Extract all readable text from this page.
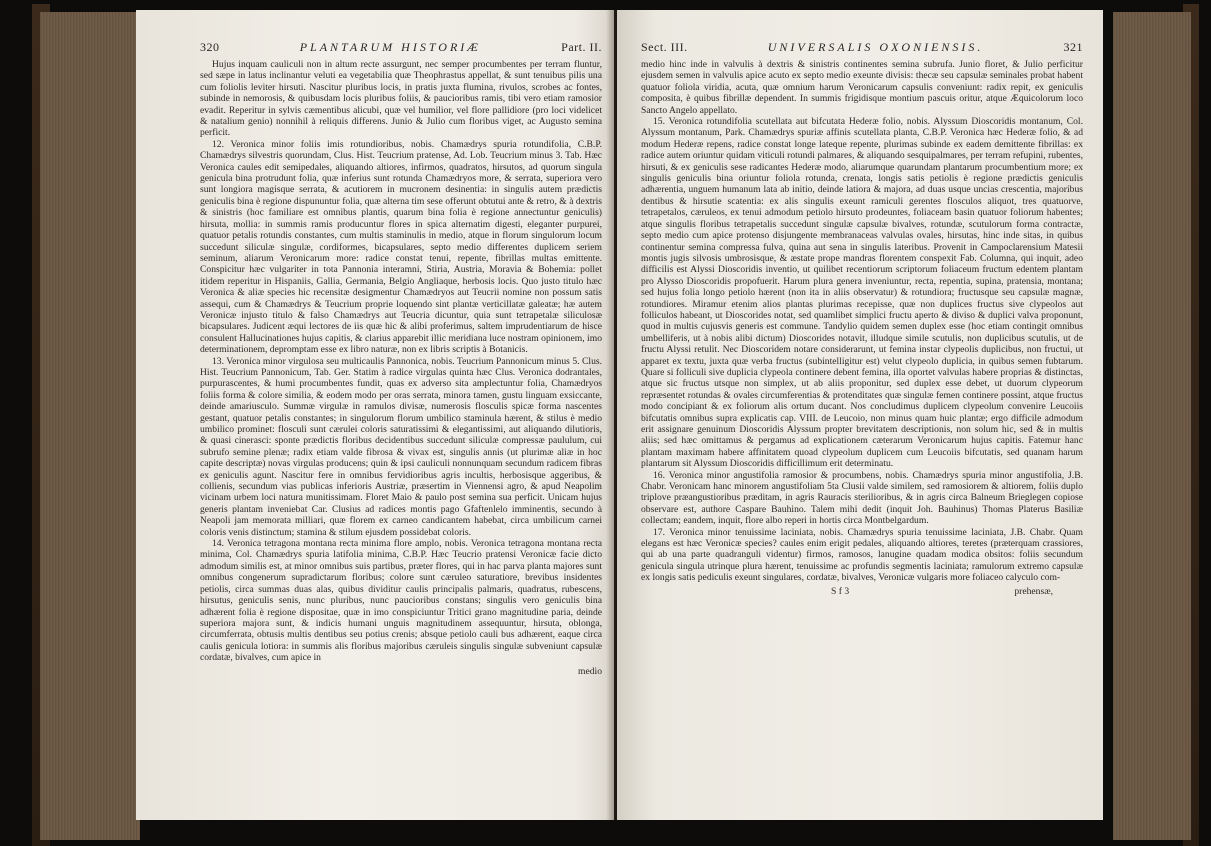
320	PLANTARUM HISTORIÆ	Part. II.

Hujus inquam cauliculi non in altum recte assurgunt, nec semper procumbentes per terram fluntur, sed sæpe in latus inclinantur veluti ea vegetabilia quæ Theophrastus appellat, & sunt tenuibus pilis una cum foliolis leviter hirsuti. Nascitur pluribus locis, in pratis juxta flumina, rivulos, scrobes ac fontes, subinde in nemorosis, & quibusdam locis pluribus foliis, & paucioribus ramis, tibi vero etiam ramosior evadit. Reperitur in sylvis cæmentibus alicubi, quæ vel humilior, vel flore pallidiore (pro loci videlicet & natalium genio) nonnihil à reliquis differens. Junio & Julio cum floribus viget, ac Augusto semina perficit.

12. Veronica minor foliis imis rotundioribus, nobis. Chamædrys spuria rotundifolia, C.B.P. Chamædrys silvestris quorundam, Clus. Hist. Teucrium pratense, Ad. Lob. Teucrium minus 3. Tab. Hæc Veronica caules edit semipedales, aliquando altiores, infirmos, quadratos, hirsutos, ad quorum singula genicula bina protrudunt folia, quæ inferius sunt rotunda Chamædryos more, & serrata, superiora vero sunt longiora magisque serrata, & acutiorem in mucronem desinentia: in singulis autem prædictis geniculis bina è regione dispununtur folia, quæ alterna tim sese offerunt obtutui ante & retro, & à dextris & sinistris (hoc familiare est omnibus plantis, quarum bina folia è regione annectuntur geniculis) hirsuta, mollia: in summis ramis producuntur flores in spica alternatim digesti, eleganter purpurei, quatuor petalis rotundis constantes, cum multis staminulis in medio, atque in florum singulorum locum succedunt siliculæ singulæ, cordiformes, bicapsulares, septo medio differentes duplicem seriem seminum, aliarum Veronicarum more: radice constat tenui, repente, fibrillas multas emittente. Conspicitur hæc vulgariter in tota Pannonia interamni, Stiria, Austria, Moravia & Bohemia: pollet itidem reperitur in Hispaniis, Gallia, Germania, Belgio Angliaque, herbosis locis. Quo justo titulo hæc Veronica & aliæ species hic recensitæ desigmentur Chamædryos aut Teucrii nomine non possum satis assequi, cum & Chamædrys & Teucrium proprie loquendo sint plantæ verticillatæ galeatæ; hæ autem Veronicæ injusto titulo & falso Chamædrys aut Teucria dicuntur, quia sunt tetrapetalæ siliculosæ bicapsulares. Judicent æqui lectores de iis quæ hic & alibi proferimus, saltem imprudentiarum de hisce consulent Hallucinationes hujus capitis, & clarius apparebit illic meridiana luce nostram opinionem, imo determinationem, depromptam esse ex libro naturæ, non ex libris scriptis à Botanicis.

13. Veronica minor virgulosa seu multicaulis Pannonica, nobis. Teucrium Pannonicum minus 5. Clus. Hist. Teucrium Pannonicum, Tab. Ger. Statim à radice virgulas quinta hæc Clus. Veronica dodrantales, purpurascentes, & humi procumbentes fundit, quas ex adverso sita amplectuntur folia, Chamædryos foliis forma & colore similia, & eodem modo per oras serrata, minora tamen, gustu linguam exsiccante, deinde amariusculo. Summæ virgulæ in ramulos divisæ, numerosis flosculis spicæ forma nascentes gestant, quatuor petalis constantes; in singulorum florum umbilico staminula hærent, & stilus è medio umbilico prominet: flosculi sunt cærulei coloris saturatissimi & elegantissimi, aut aliquando dilutioris, & quasi cinerasci: sponte prædictis floribus decidentibus succedunt siliculæ compressæ paululum, cui subrufo semine plenæ; radix etiam valde fibrosa & vivax est, singulis annis (ut plurimæ aliæ in hoc capite descriptæ) novas virgulas producens; quin & ipsi cauliculi nonnunquam secundum radicem fibras ex geniculis agunt. Nascitur fere in omnibus fervidioribus agris incultis, herbosisque aggeribus, & collienis, secundum vias publicas inferioris Austriæ, præsertim in Viennensi agro, & apud Neapolim vicinam urbem loci natura munitissimam. Floret Maio & paulo post semina sua perficit. Unicam hujus generis plantam inveniebat Car. Clusius ad radices montis pago Gfaftenlelo imminentis, secundo à Neapoli jam memorata milliari, quæ florem ex carneo candicantem habebat, circa umbilicum carnei coloris venis distinctum; stamina & stilum ejusdem possidebat coloris.

14. Veronica tetragona montana recta minima flore amplo, nobis. Veronica tetragona montana recta minima, Col. Chamædrys spuria latifolia minima, C.B.P. Hæc Teucrio pratensi Veronicæ facie dicto admodum similis est, at minor omnibus suis partibus, præter flores, qui in hac parva planta majores sunt omnibus congenerum supradictarum floribus; colore sunt cæruleo saturatiore, brevibus insidentes petiolis, circa summas duas alas, quibus dividitur caulis principalis palmaris, quadratus, rubescens, hirsutus, geniculis senis, nunc pluribus, nunc paucioribus constans; singulis vero geniculis bina adhærent folia è regione dispositae, quæ in imo conspiciuntur Tritici grano magnitudine paria, deinde superiora majora sunt, & indicis humani unguis magnitudinem assequuntur, hirsuta, oblonga, circumferrata, obtusis multis dentibus seu potius crenis; absque petiolo cauli bus adhærent, eaque circa caulis genicula lotiora: in summis alis floribus majoribus cæruleis singulis singulæ subveniunt capsulæ cordatæ, bivalves, cum apice in

medio
Sect. III.	UNIVERSALIS OXONIENSIS.	321

medio hinc inde in valvulis à dextris & sinistris continentes semina subrufa. Junio floret, & Julio perficitur ejusdem semen in valvulis apice acuto ex septo medio exeunte divisis: thecæ seu capsulæ seminales probat habent quatuor foliola viridia, acuta, quæ omnium harum Veronicarum capsulis conveniunt: radix repit, ex geniculis composita, è quibus fibrillæ dependent. In summis frigidisque montium pascuis oritur, atque Æquicolorum loco Sancto Angelo appellato.

15. Veronica rotundifolia scutellata aut bifcutata Hederæ folio, nobis. Alyssum Dioscoridis montanum, Col. Alyssum montanum, Park. Chamædrys spuriæ affinis scutellata planta, C.B.P. Veronica hæc Hederæ folio, & ad modum Hederæ repens, radice constat longe lateque repente, plurimas subinde ex eadem demittente fibrillas: ex radice autem oriuntur quidam viticuli rotundi palmares, & aliquando sesquipalmares, per terram refupini, rubentes, hirsuti, & ex geniculis sese radicantes Hederæ modo, aliarumque quarundam plantarum procumbentium more; ex singulis geniculis bina oriuntur foliola rotunda, crenata, longis satis petiolis è regione prædictis geniculis adhærentia, unguem humanum lata ab initio, deinde latiora & majora, ad duas usque uncias crescentia, majoribus dentibus & hirsutie scatentia: ex alis singulis exeunt ramiculi gerentes flosculos aliquot, tres quatuorve, tetrapetalos, cæruleos, ex tenui admodum petiolo hirsuto prodeuntes, foliaceam basin quatuor foliorum habentes; atque singulis floribus tetrapetalis succedunt singulæ capsulæ bivalves, rotundæ, scutulorum forma contractæ, septo medio cum apice protenso disjungente membranaceas valvulas ovales, hirsutas, hinc inde sitas, in quibus continentur semina compressa fulva, quina aut sena in singulis lateribus. Provenit in Campoclarensium Matesii montis jugis silvosis umbrosisque, & æstate prope mandras florentem conspexit Fab. Columna, qui inquit, adeo difficilis est Alyssi Dioscoridis inventio, ut quilibet recentiorum scriptorum foliaceum fructum edentem plantam pro Alysso Dioscoridis propofuerit. Harum plura genera inveniuntur, recta, repentia, supina, pratensia, montana; sed hujus folia longo petiolo hærent (non ita in aliis observatur) & rotundiora; fructusque seu capsulæ magnæ, rotundiores. Miramur etenim alios plantas plurimas recepisse, quæ non duplices fructus sive clypeolos aut folliculos habeant, ut Dioscorides notat, sed quamlibet simplici fructu aperto & diviso & duplici valva proponunt, quod in multis cujusvis generis est commune. Tandylio quidem semen duplex esse (hoc etiam contingit omnibus umbelliferis, ut à nobis alibi dictum) Dioscorides notavit, illudque simile scutulis, non duplicibus scutulis, ut de fructu Alyssi retulit. Nec Dioscoridem notare considerarunt, ut femina instar clypeolis duplicibus, non fructui, ut apparet ex textu, juxta quæ verba fructus (subintelligitur est) velut clypeolo duplicia, in quibus semen fubtarum. Quare si folliculi sive duplicia clypeola continere debent femina, illa oportet valvulas habere proprias & distinctas, atque sic fructus utsque non simplex, ut ab aliis proponitur, sed duplex esse debet, ut duorum clypeorum repræsentet rotundas & ovales circumferentias & protenditates quæ singulæ femen continere possint, atque fructus modo concipiant & ex foliorum alis ortum ducant. Nos concludimus duplicem clypeolum convenire Leucoiis bifcutatis omnibus supra explicatis cap. VIII. de Leucoio, non minus quam huic plantæ; ergo difficile admodum erit assignare genuinum Dioscoridis Alyssum propter brevitatem descriptionis, non solum hic, sed & in multis aliis; sed hæc omittamus & pergamus ad explicationem cæterarum Veronicarum hujus capitis. Fatemur hanc plantam maximam habere affinitatem quoad clypeolum duplicem cum Leucoiis bifcutatis, sed quanam harum plantarum sit Alyssum Dioscoridis difficillimum erit determinatu.

16. Veronica minor angustifolia ramosior & procumbens, nobis. Chamædrys spuria minor angustifolia, J.B. Chabr. Veronicam hanc minorem angustifoliam 5ta Clusii valde similem, sed ramosiorem & altiorem, foliis duplo triplove præangustioribus præditam, in agris Rauracis sterilioribus, & in agris circa Balneum Brieglegen copiose observare est, authore Caspare Bauhino. Talem mihi dedit (inquit Joh. Bauhinus) Thomas Platerus Basiliæ collectam; eandem, inquit, flore albo reperi in hortis circa Montbelgardum.

17. Veronica minor tenuissime laciniata, nobis. Chamædrys spuria tenuissime laciniata, J.B. Chabr. Quam elegans est hæc Veronicæ species? caules enim erigit pedales, aliquando altiores, teretes (præterquam crassiores, qui ab una parte quadranguli videntur) firmos, ramosos, lanugine quadam modica obsitos: foliis secundum genicula singula utrinque plura hærent, tenuissime ac profundis segmentis laciniata; ramulorum extremo capsulæ ex longis satis pediculis exeunt singulares, cordatæ, bivalves, Veronicæ vulgaris more foliaceo calyculo com-

S f 3	prehensæ,
